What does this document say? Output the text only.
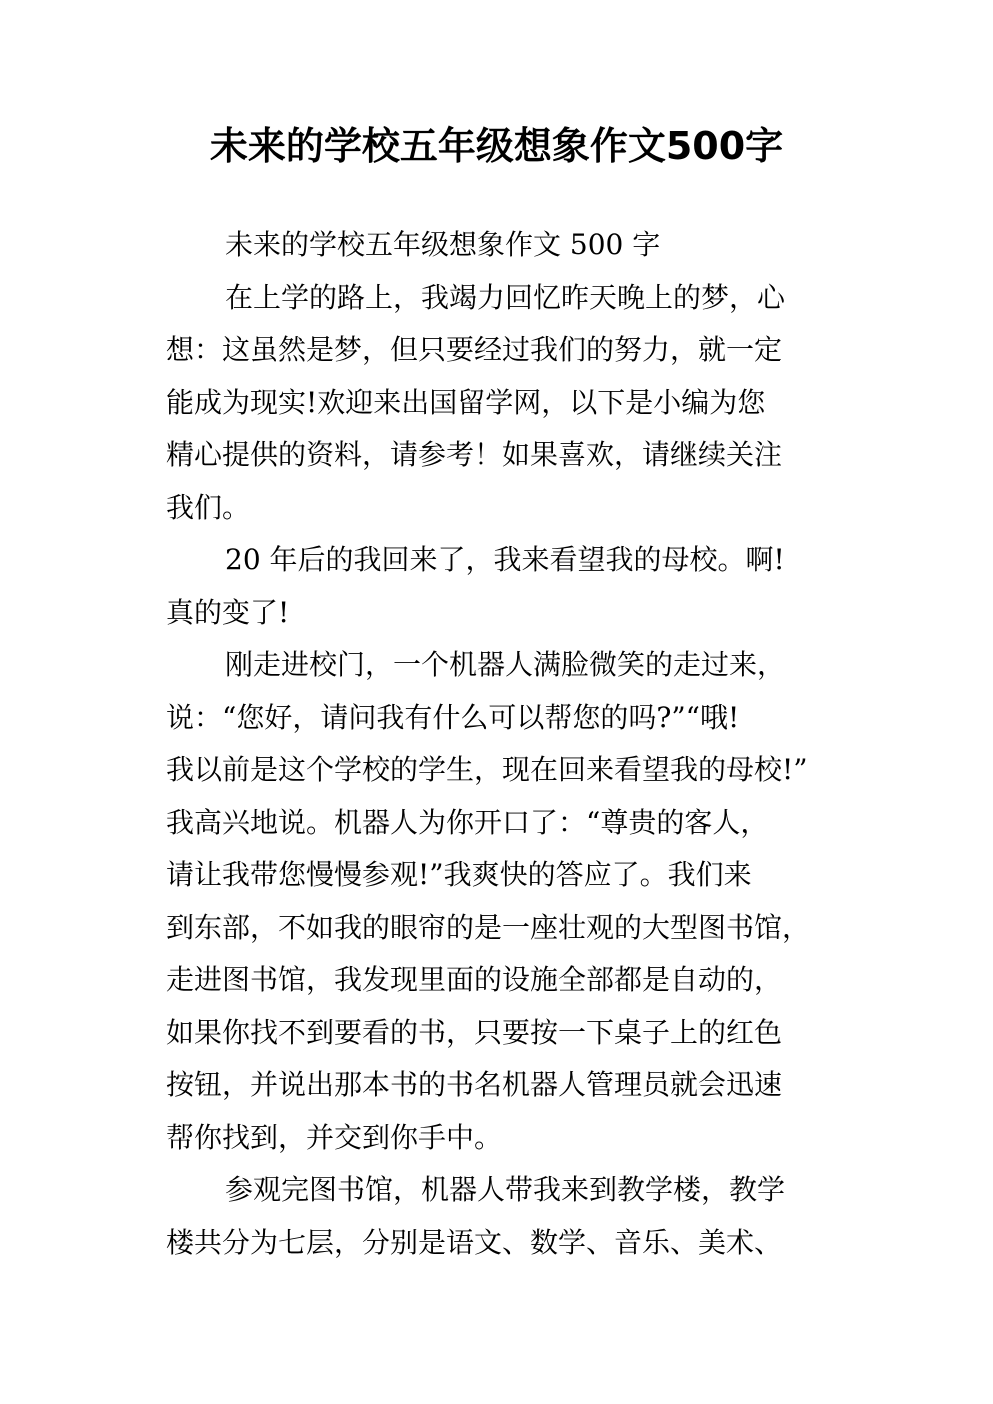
未来的学校五年级想象作文500字
未来的学校五年级想象作文 500 字
在上学的路上，我竭力回忆昨天晚上的梦，心
想：这虽然是梦，但只要经过我们的努力，就一定
能成为现实!欢迎来出国留学网，以下是小编为您
精心提供的资料，请参考！如果喜欢，请继续关注
我们。
20 年后的我回来了，我来看望我的母校。啊!
真的变了!
刚走进校门，一个机器人满脸微笑的走过来，
说：“您好，请问我有什么可以帮您的吗?”“哦!
我以前是这个学校的学生，现在回来看望我的母校!”
我高兴地说。机器人为你开口了：“尊贵的客人，
请让我带您慢慢参观!”我爽快的答应了。我们来
到东部，不如我的眼帘的是一座壮观的大型图书馆，
走进图书馆，我发现里面的设施全部都是自动的，
如果你找不到要看的书，只要按一下桌子上的红色
按钮，并说出那本书的书名机器人管理员就会迅速
帮你找到，并交到你手中。
参观完图书馆，机器人带我来到教学楼，教学
楼共分为七层，分别是语文、数学、音乐、美术、
